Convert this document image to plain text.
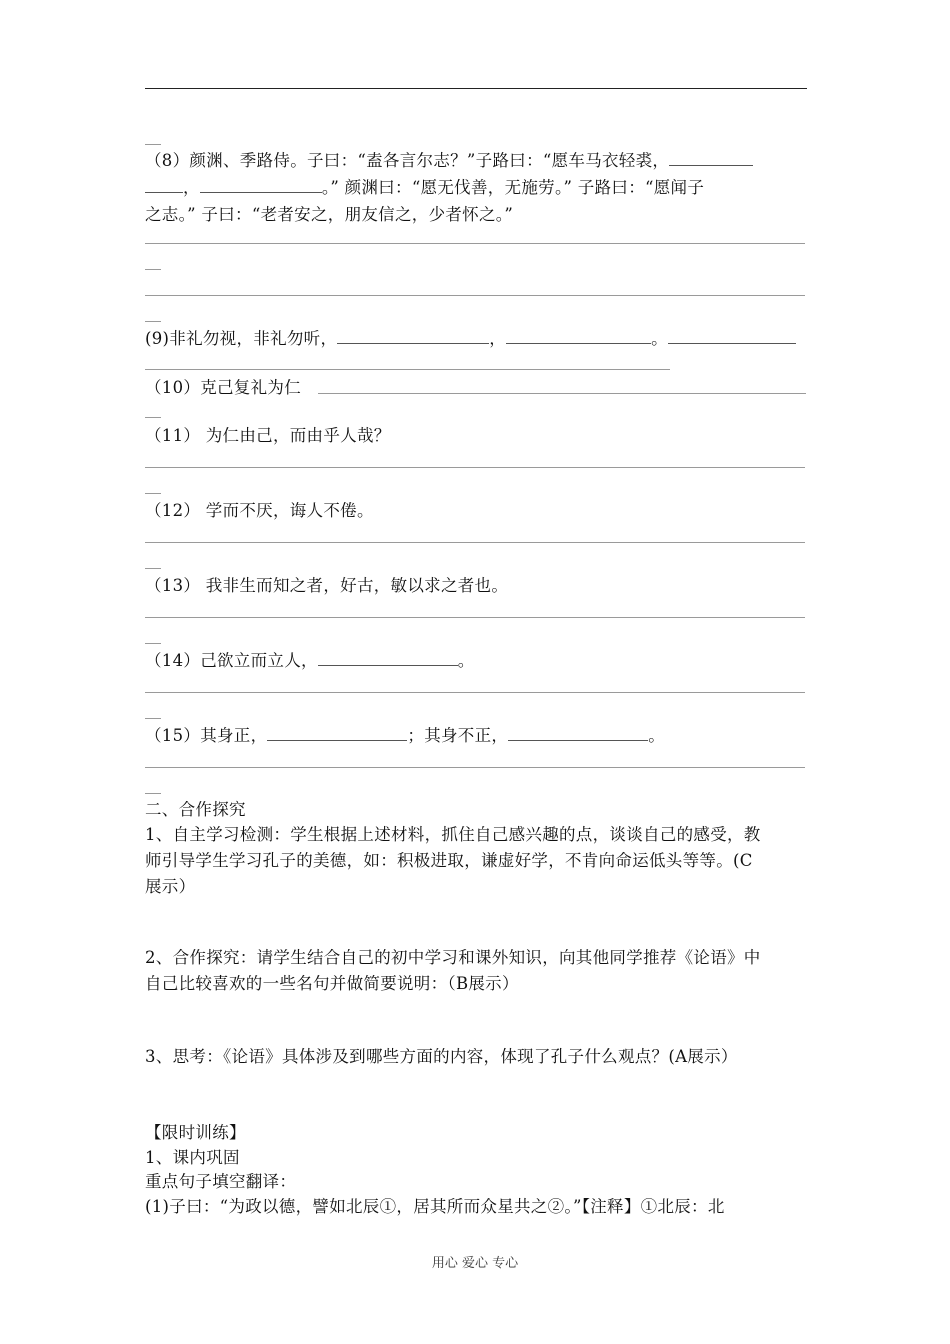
（8）颜渊、季路侍。子曰：“盍各言尔志？”子路曰：“愿车马衣轻裘，
，	。” 颜渊曰：“愿无伐善，无施劳。” 子路曰：“愿闻子
之志。” 子曰：“老者安之，朋友信之，少者怀之。”
(9)非礼勿视，非礼勿听，	，	。
（10）克己复礼为仁
（11） 为仁由己，而由乎人哉？
（12） 学而不厌，诲人不倦。
（13） 我非生而知之者，好古，敏以求之者也。
（14）己欲立而立人，	。
（15）其身正，	；其身不正，	。
二、合作探究
1、自主学习检测：学生根据上述材料，抓住自己感兴趣的点，谈谈自己的感受，教
师引导学生学习孔子的美德，如：积极进取，谦虚好学，不肯向命运低头等等。(C
展示）
2、合作探究：请学生结合自己的初中学习和课外知识，向其他同学推荐《论语》中
自己比较喜欢的一些名句并做简要说明：（B展示）
3、思考：《论语》具体涉及到哪些方面的内容，体现了孔子什么观点？(A展示）
【限时训练】
1、课内巩固
重点句子填空翻译：
(1)子曰：“为政以德，譬如北辰①，居其所而众星共之②。”【注释】①北辰：北
用心 爱心 专心
